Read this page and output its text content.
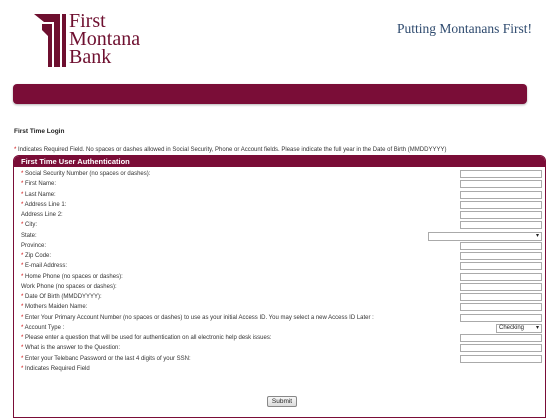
First
Montana
Bank
Putting Montanans First!
First Time Login
* Indicates Required Field. No spaces or dashes allowed in Social Security, Phone or Account fields. Please indicate the full year in the Date of Birth (MMDDYYYY)
First Time User Authentication
* Social Security Number (no spaces or dashes):
* First Name:
* Last Name:
* Address Line 1:
Address Line 2:
* City:
State:	▾
Province:
* Zip Code:
* E-mail Address:
* Home Phone (no spaces or dashes):
Work Phone (no spaces or dashes):
* Date Of Birth (MMDDYYYY):
* Mothers Maiden Name:
* Enter Your Primary Account Number (no spaces or dashes) to use as your initial Access ID. You may select a new Access ID Later :
* Account Type :	Checking ▾
* Please enter a question that will be used for authentication on all electronic help desk issues:
* What is the answer to the Question:
* Enter your Telebanc Password or the last 4 digits of your SSN:
* Indicates Required Field
Submit
